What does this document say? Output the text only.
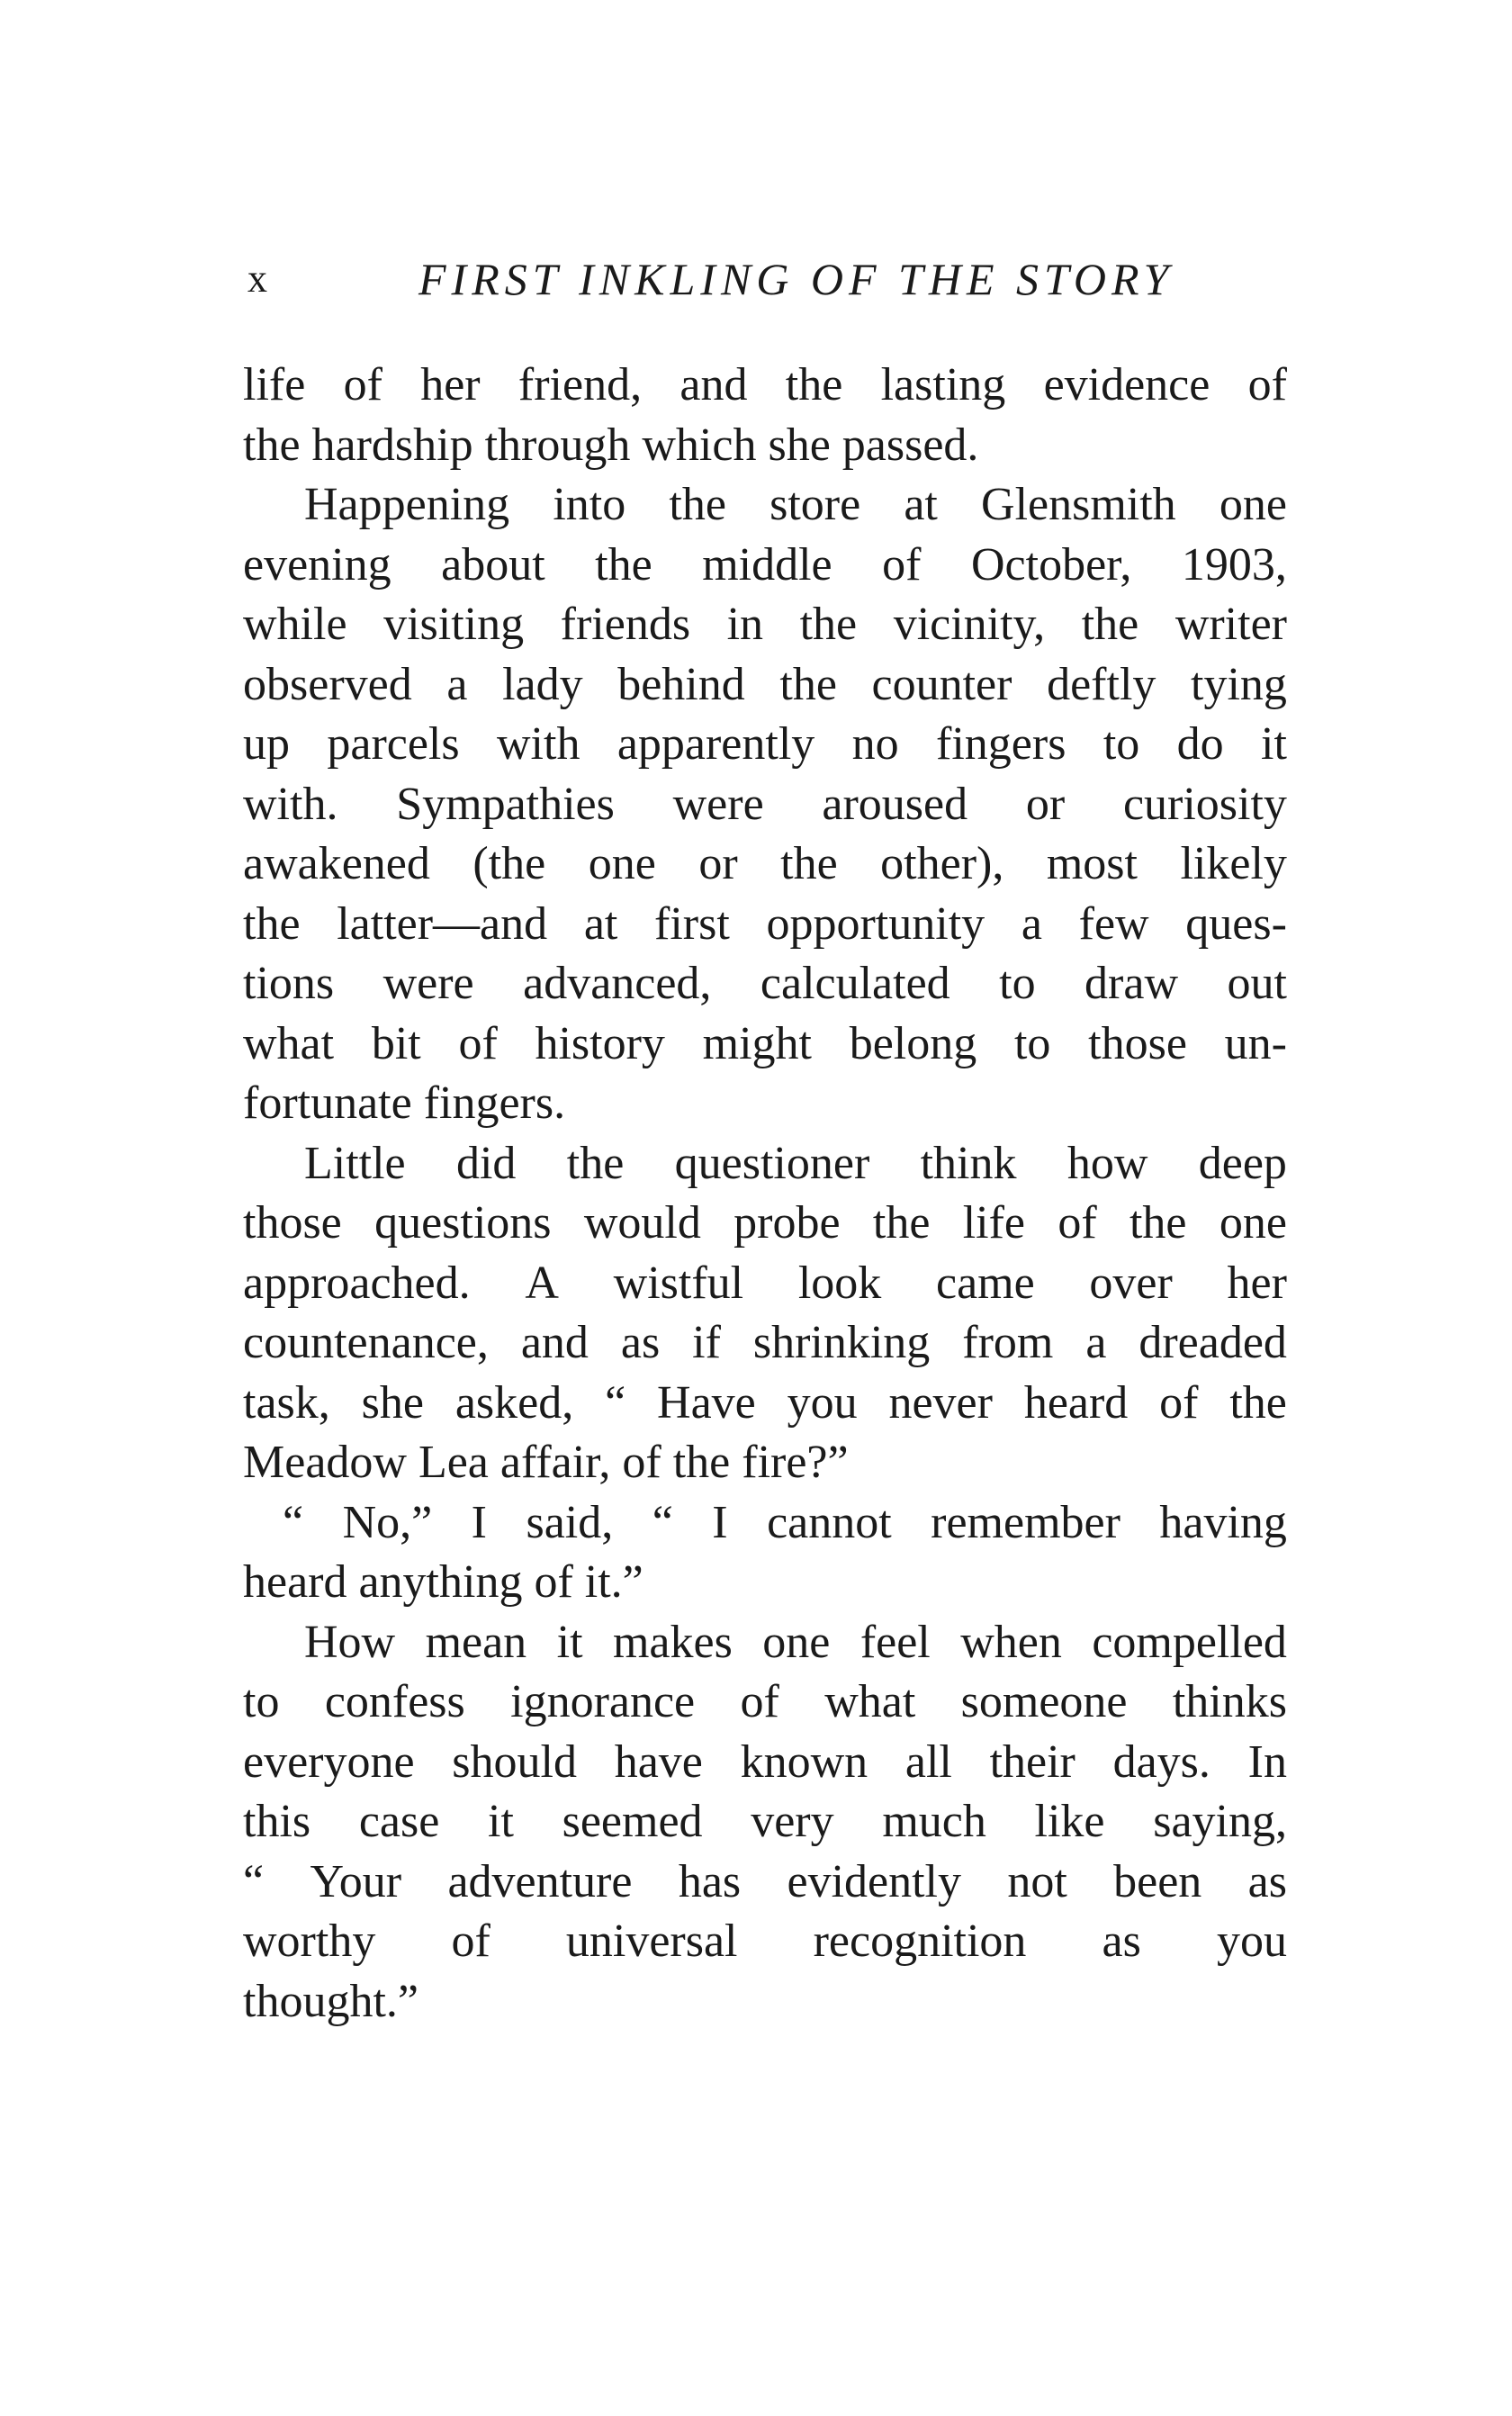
x	FIRST INKLING OF THE STORY
life of her friend, and the lasting evidence of
the hardship through which she passed.
Happening into the store at Glensmith one
evening about the middle of October, 1903,
while visiting friends in the vicinity, the writer
observed a lady behind the counter deftly tying
up parcels with apparently no fingers to do it
with. Sympathies were aroused or curiosity
awakened (the one or the other), most likely
the latter—and at first opportunity a few ques-
tions were advanced, calculated to draw out
what bit of history might belong to those un-
fortunate fingers.
Little did the questioner think how deep
those questions would probe the life of the one
approached. A wistful look came over her
countenance, and as if shrinking from a dreaded
task, she asked, “ Have you never heard of the
Meadow Lea affair, of the fire?”
“ No,” I said, “ I cannot remember having
heard anything of it.”
How mean it makes one feel when compelled
to confess ignorance of what someone thinks
everyone should have known all their days. In
this case it seemed very much like saying,
“ Your adventure has evidently not been as
worthy of universal recognition as you
thought.”
